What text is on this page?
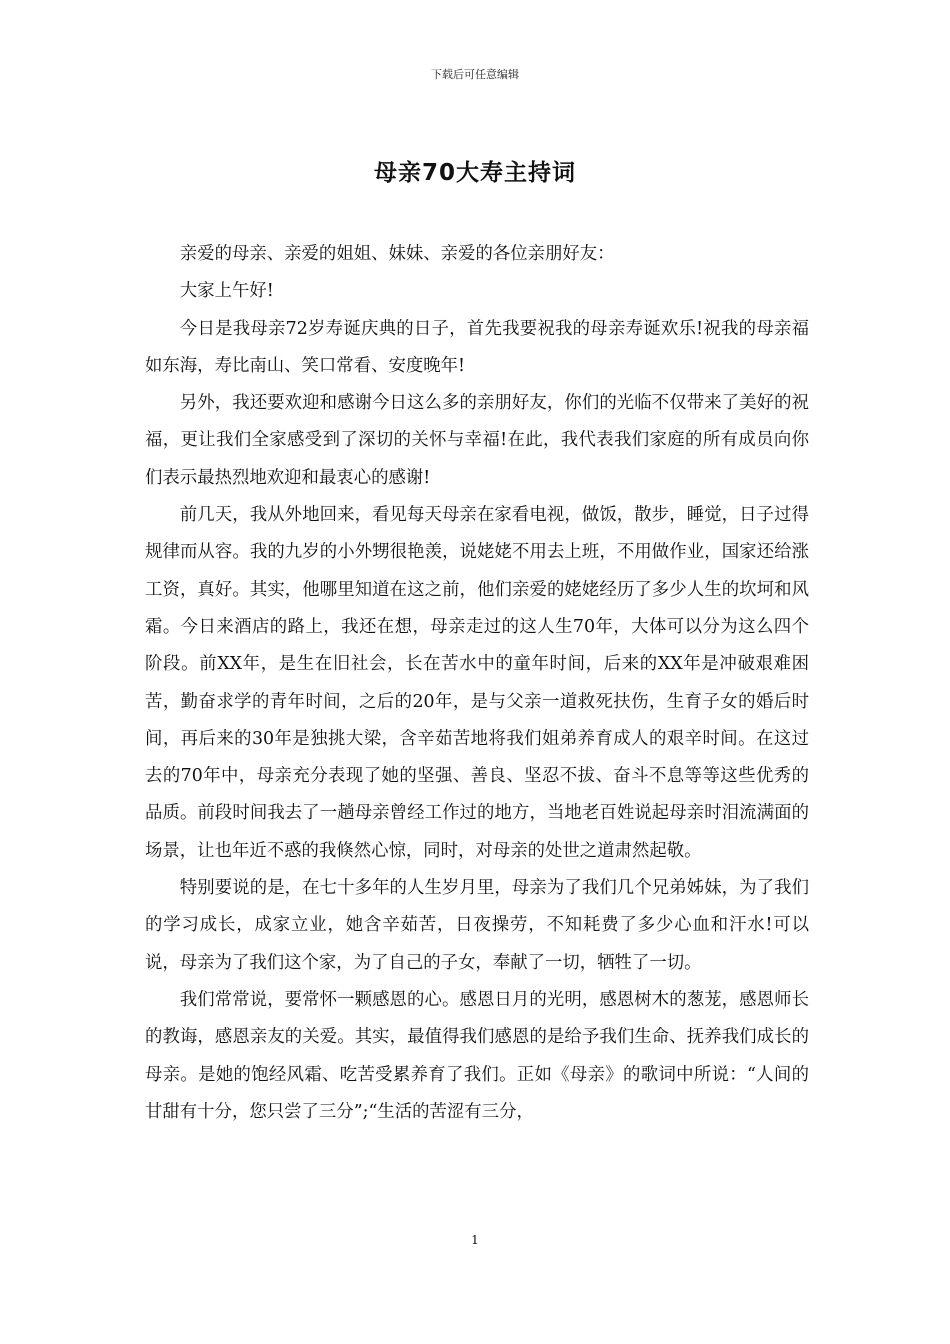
下载后可任意编辑
母亲70大寿主持词

亲爱的母亲、亲爱的姐姐、妹妹、亲爱的各位亲朋好友：

大家上午好!

今日是我母亲72岁寿诞庆典的日子，首先我要祝我的母亲寿诞欢乐!祝我的母亲福如东海，寿比南山、笑口常看、安度晚年!

另外，我还要欢迎和感谢今日这么多的亲朋好友，你们的光临不仅带来了美好的祝福，更让我们全家感受到了深切的关怀与幸福!在此，我代表我们家庭的所有成员向你们表示最热烈地欢迎和最衷心的感谢!

前几天，我从外地回来，看见每天母亲在家看电视，做饭，散步，睡觉，日子过得规律而从容。我的九岁的小外甥很艳羡，说姥姥不用去上班，不用做作业，国家还给涨工资，真好。其实，他哪里知道在这之前，他们亲爱的姥姥经历了多少人生的坎坷和风霜。今日来酒店的路上，我还在想，母亲走过的这人生70年，大体可以分为这么四个阶段。前XX年，是生在旧社会，长在苦水中的童年时间，后来的XX年是冲破艰难困苦，勤奋求学的青年时间，之后的20年，是与父亲一道救死扶伤，生育子女的婚后时间，再后来的30年是独挑大梁，含辛茹苦地将我们姐弟养育成人的艰辛时间。在这过去的70年中，母亲充分表现了她的坚强、善良、坚忍不拔、奋斗不息等等这些优秀的品质。前段时间我去了一趟母亲曾经工作过的地方，当地老百姓说起母亲时泪流满面的场景，让也年近不惑的我倏然心惊，同时，对母亲的处世之道肃然起敬。

特别要说的是，在七十多年的人生岁月里，母亲为了我们几个兄弟姊妹，为了我们的学习成长，成家立业，她含辛茹苦，日夜操劳，不知耗费了多少心血和汗水!可以说，母亲为了我们这个家，为了自己的子女，奉献了一切，牺牲了一切。

我们常常说，要常怀一颗感恩的心。感恩日月的光明，感恩树木的葱茏，感恩师长的教诲，感恩亲友的关爱。其实，最值得我们感恩的是给予我们生命、抚养我们成长的母亲。是她的饱经风霜、吃苦受累养育了我们。正如《母亲》的歌词中所说：“人间的甘甜有十分，您只尝了三分”;“生活的苦涩有三分，

1
